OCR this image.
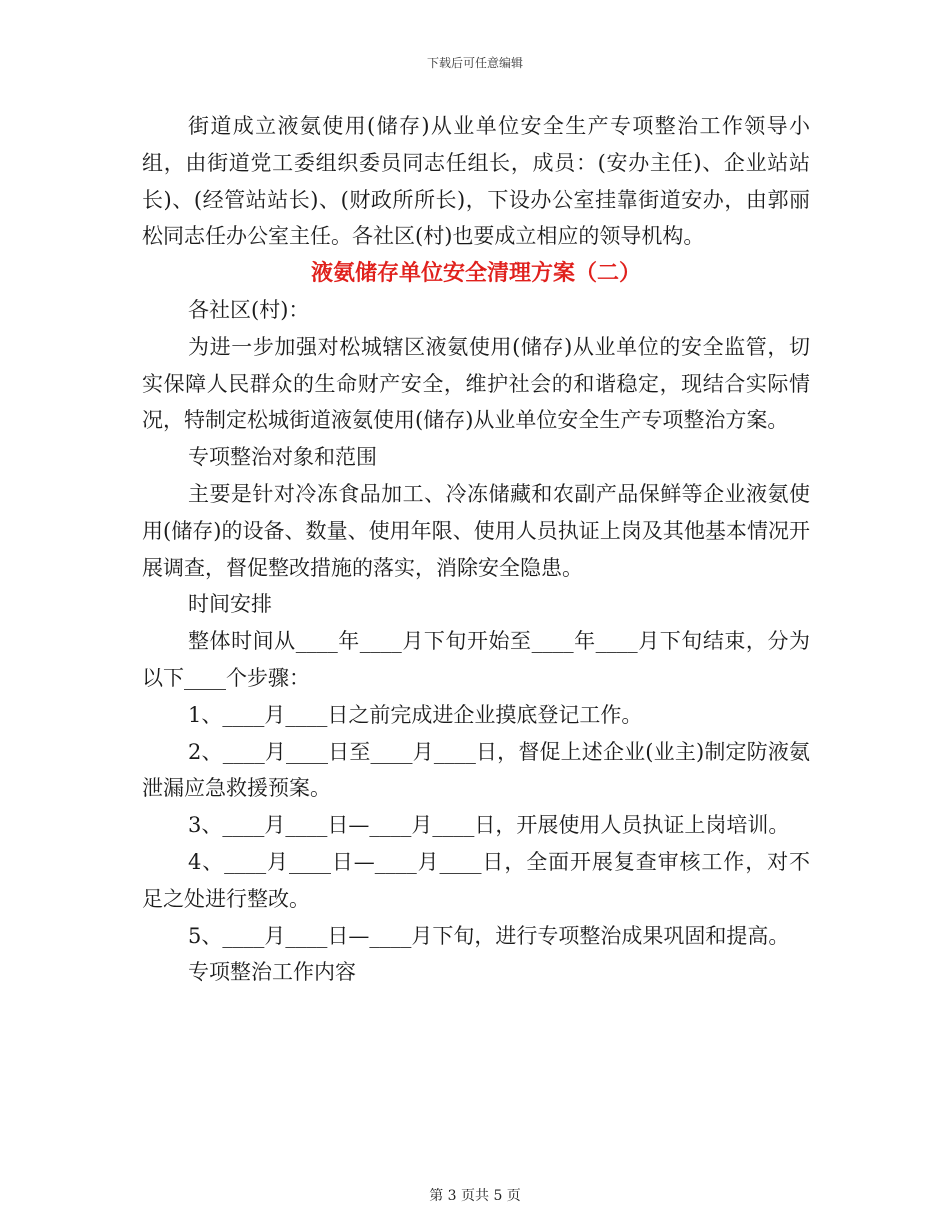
下载后可任意编辑

街道成立液氨使用(储存)从业单位安全生产专项整治工作领导小组，由街道党工委组织委员同志任组长，成员：(安办主任)、企业站站长)、(经管站站长)、(财政所所长)，下设办公室挂靠街道安办，由郭丽松同志任办公室主任。各社区(村)也要成立相应的领导机构。

液氨储存单位安全清理方案（二）

各社区(村)：

为进一步加强对松城辖区液氨使用(储存)从业单位的安全监管，切实保障人民群众的生命财产安全，维护社会的和谐稳定，现结合实际情况，特制定松城街道液氨使用(储存)从业单位安全生产专项整治方案。

专项整治对象和范围

主要是针对冷冻食品加工、冷冻储藏和农副产品保鲜等企业液氨使用(储存)的设备、数量、使用年限、使用人员执证上岗及其他基本情况开展调查，督促整改措施的落实，消除安全隐患。

时间安排

整体时间从____年____月下旬开始至____年____月下旬结束，分为以下____个步骤：

1、____月____日之前完成进企业摸底登记工作。

2、____月____日至____月____日，督促上述企业(业主)制定防液氨泄漏应急救援预案。

3、____月____日—____月____日，开展使用人员执证上岗培训。

4、____月____日—____月____日，全面开展复查审核工作，对不足之处进行整改。

5、____月____日—____月下旬，进行专项整治成果巩固和提高。

专项整治工作内容

第 3 页共 5 页
